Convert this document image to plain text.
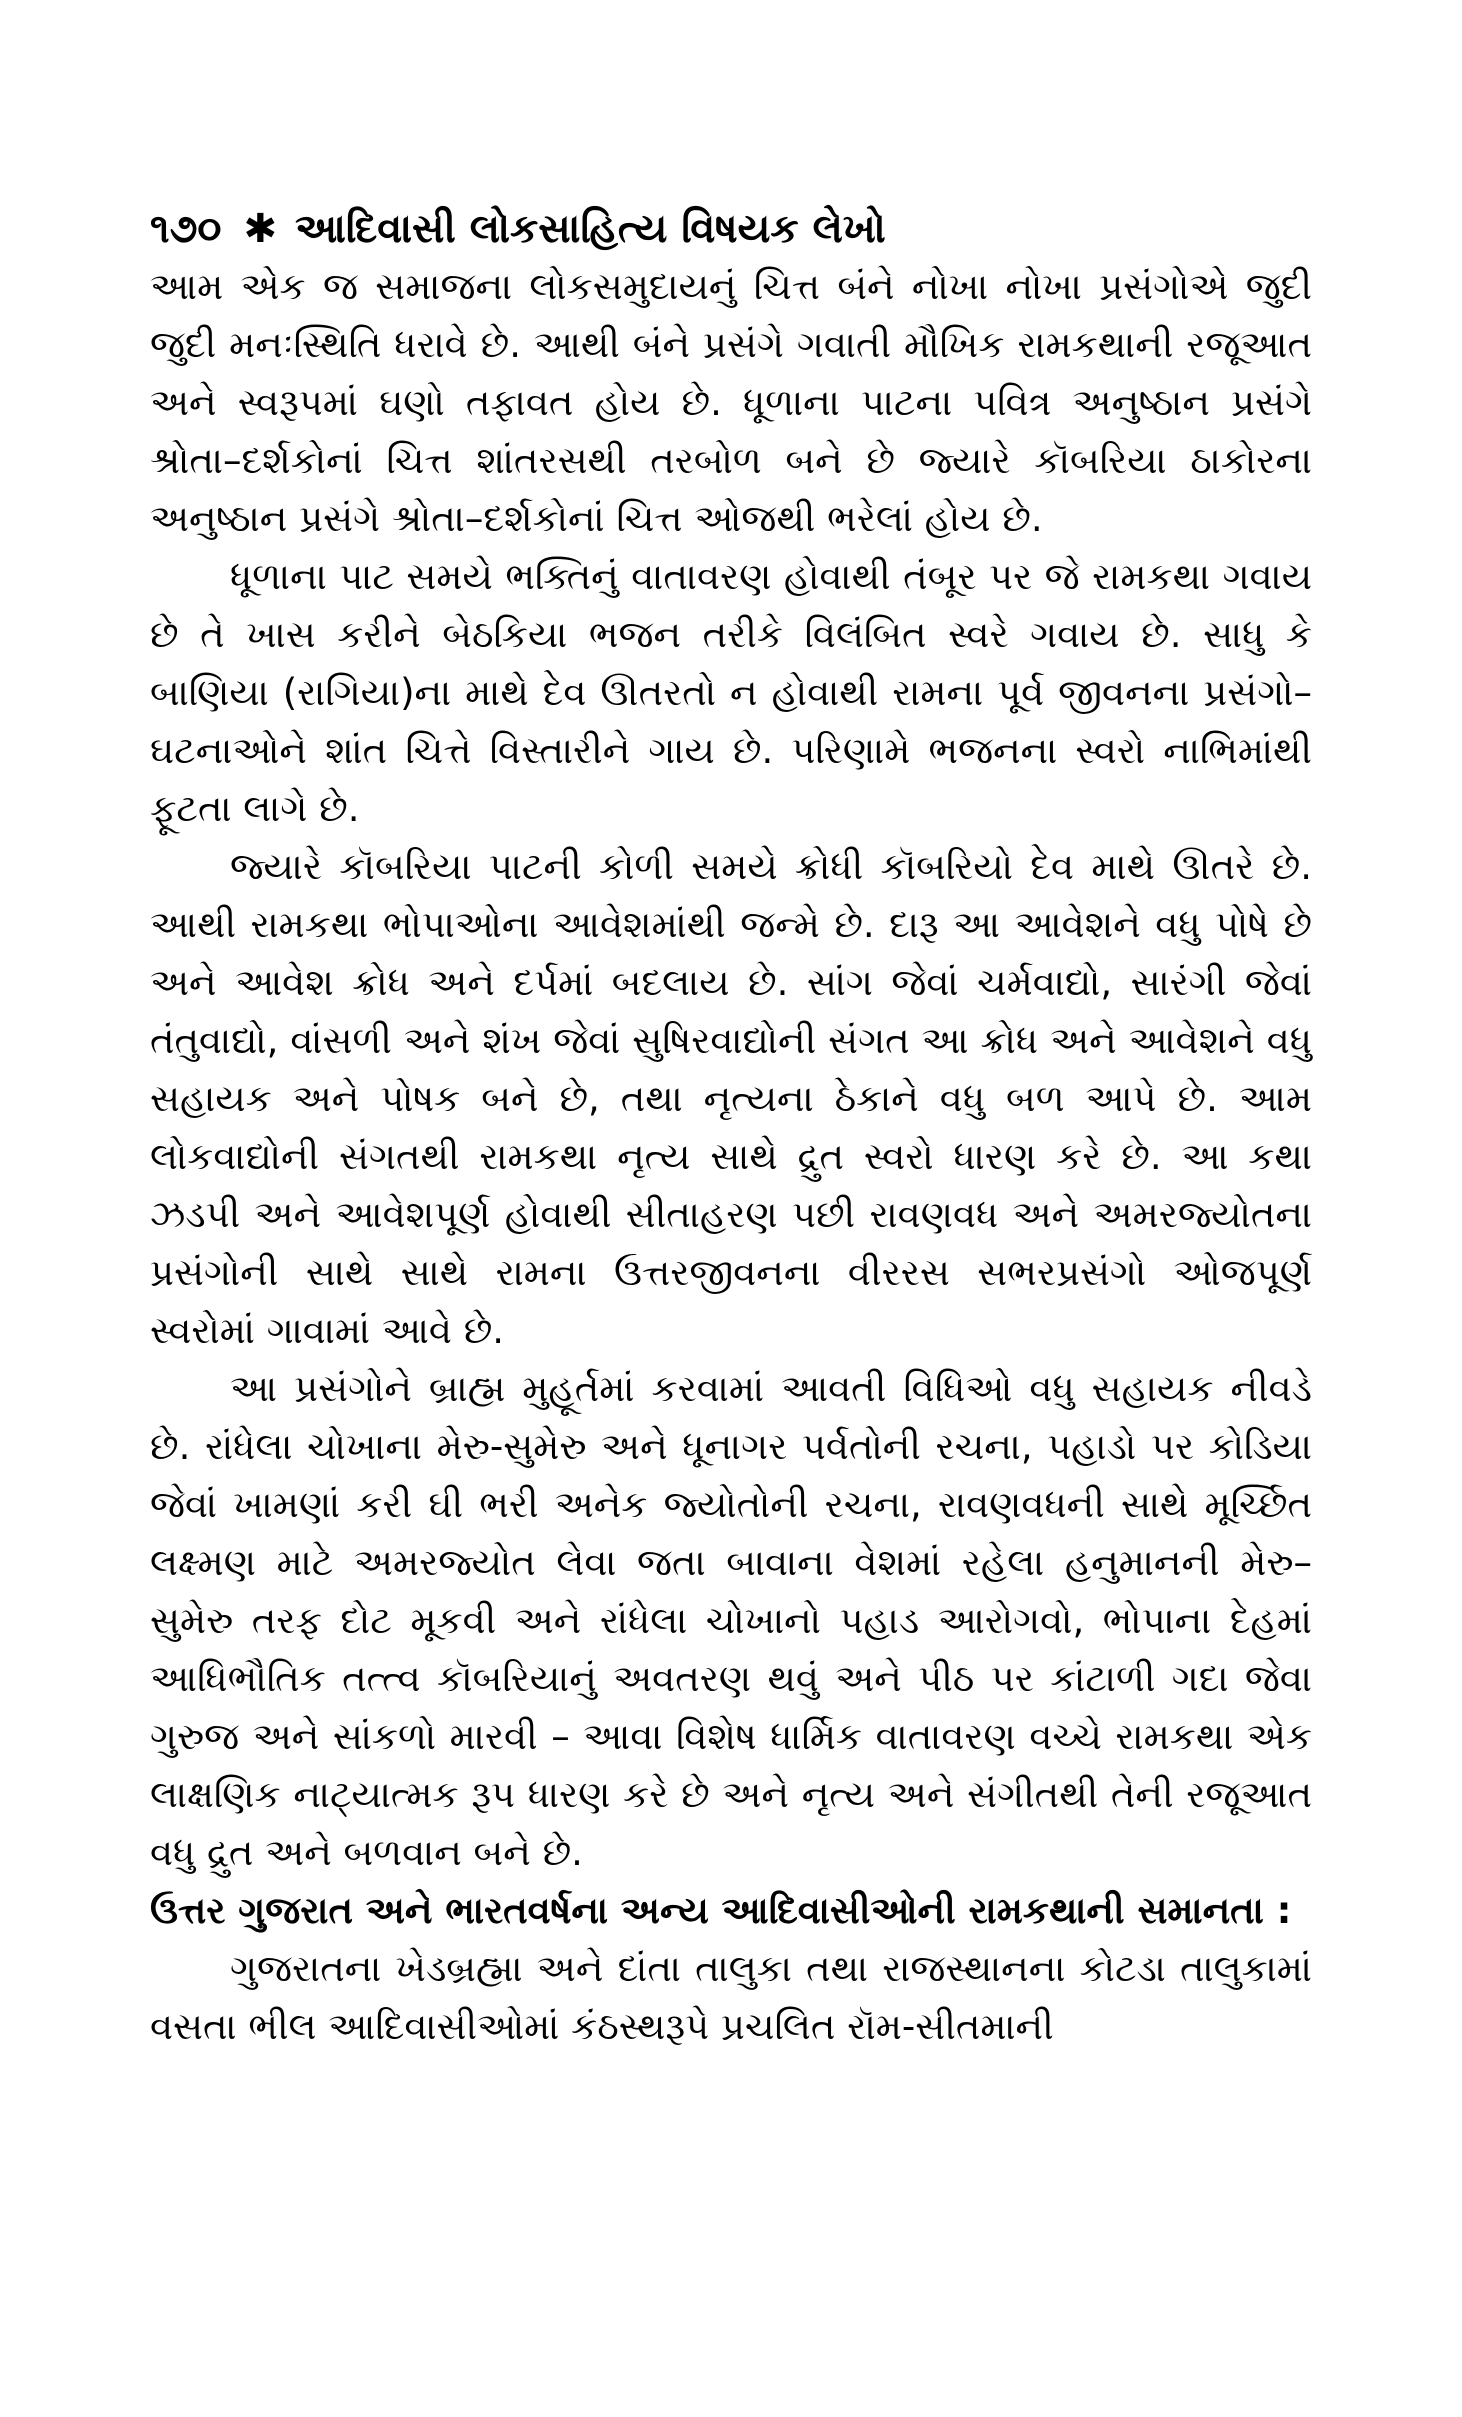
૧૭૦ ✱ આદિવાસી લોકસાહિત્ય વિષયક લેખો

આમ એક જ સમાજના લોકસમુદાયનું ચિત્ત બંને નોખા નોખા પ્રસંગોએ જુદી જુદી મનઃસ્થિતિ ધરાવે છે. આથી બંને પ્રસંગે ગવાતી મૌખિક રામકથાની રજૂઆત અને સ્વરૂપમાં ઘણો તફાવત હોય છે. ધૂળાના પાટના પવિત્ર અનુષ્ઠાન પ્રસંગે શ્રોતા–દર્શકોનાં ચિત્ત શાંતરસથી તરબોળ બને છે જ્યારે કૉબરિયા ઠાકોરના અનુષ્ઠાન પ્રસંગે શ્રોતા–દર્શકોનાં ચિત્ત ઓજથી ભરેલાં હોય છે.

ધૂળાના પાટ સમયે ભક્તિનું વાતાવરણ હોવાથી તંબૂર પર જે રામકથા ગવાય છે તે ખાસ કરીને બેઠકિયા ભજન તરીકે વિલંબિત સ્વરે ગવાય છે. સાધુ કે બાણિયા (રાગિયા)ના માથે દેવ ઊતરતો ન હોવાથી રામના પૂર્વ જીવનના પ્રસંગો–ઘટનાઓને શાંત ચિત્તે વિસ્તારીને ગાય છે. પરિણામે ભજનના સ્વરો નાભિમાંથી ફૂટતા લાગે છે.

જ્યારે કૉબરિયા પાટની કોળી સમયે ક્રોધી કૉબરિયો દેવ માથે ઊતરે છે. આથી રામકથા ભોપાઓના આવેશમાંથી જન્મે છે. દારૂ આ આવેશને વધુ પોષે છે અને આવેશ ક્રોધ અને દર્પમાં બદલાય છે. સાંગ જેવાં ચર્મવાદ્યો, સારંગી જેવાં તંતુવાદ્યો, વાંસળી અને શંખ જેવાં સુષિરવાદ્યોની સંગત આ ક્રોધ અને આવેશને વધુ સહાયક અને પોષક બને છે, તથા નૃત્યના ઠેકાને વધુ બળ આપે છે. આમ લોકવાદ્યોની સંગતથી રામકથા નૃત્ય સાથે દ્રુત સ્વરો ધારણ કરે છે. આ કથા ઝડપી અને આવેશપૂર્ણ હોવાથી સીતાહરણ પછી રાવણવધ અને અમરજ્યોતના પ્રસંગોની સાથે સાથે રામના ઉત્તરજીવનના વીરરસ સભરપ્રસંગો ઓજપૂર્ણ સ્વરોમાં ગાવામાં આવે છે.

આ પ્રસંગોને બ્રાહ્મ મુહૂર્તમાં કરવામાં આવતી વિધિઓ વધુ સહાયક નીવડે છે. રાંધેલા ચોખાના મેરુ-સુમેરુ અને ધૂનાગર પર્વતોની રચના, પહાડો પર કોડિયા જેવાં ખામણાં કરી ઘી ભરી અનેક જ્યોતોની રચના, રાવણવધની સાથે મૂર્ચ્છિત લક્ષ્મણ માટે અમરજ્યોત લેવા જતા બાવાના વેશમાં રહેલા હનુમાનની મેરુ–સુમેરુ તરફ દોટ મૂકવી અને રાંધેલા ચોખાનો પહાડ આરોગવો, ભોપાના દેહમાં આધિભૌતિક તત્ત્વ કૉબરિયાનું અવતરણ થવું અને પીઠ પર કાંટાળી ગદા જેવા ગુરુજ અને સાંકળો મારવી – આવા વિશેષ ધાર્મિક વાતાવરણ વચ્ચે રામકથા એક લાક્ષણિક નાટ્યાત્મક રૂપ ધારણ કરે છે અને નૃત્ય અને સંગીતથી તેની રજૂઆત વધુ દ્રુત અને બળવાન બને છે.

ઉત્તર ગુજરાત અને ભારતવર્ષના અન્ય આદિવાસીઓની રામકથાની સમાનતા :

ગુજરાતના ખેડબ્રહ્મા અને દાંતા તાલુકા તથા રાજસ્થાનના કોટડા તાલુકામાં વસતા ભીલ આદિવાસીઓમાં કંઠસ્થરૂપે પ્રચલિત રૉમ-સીતમાની
